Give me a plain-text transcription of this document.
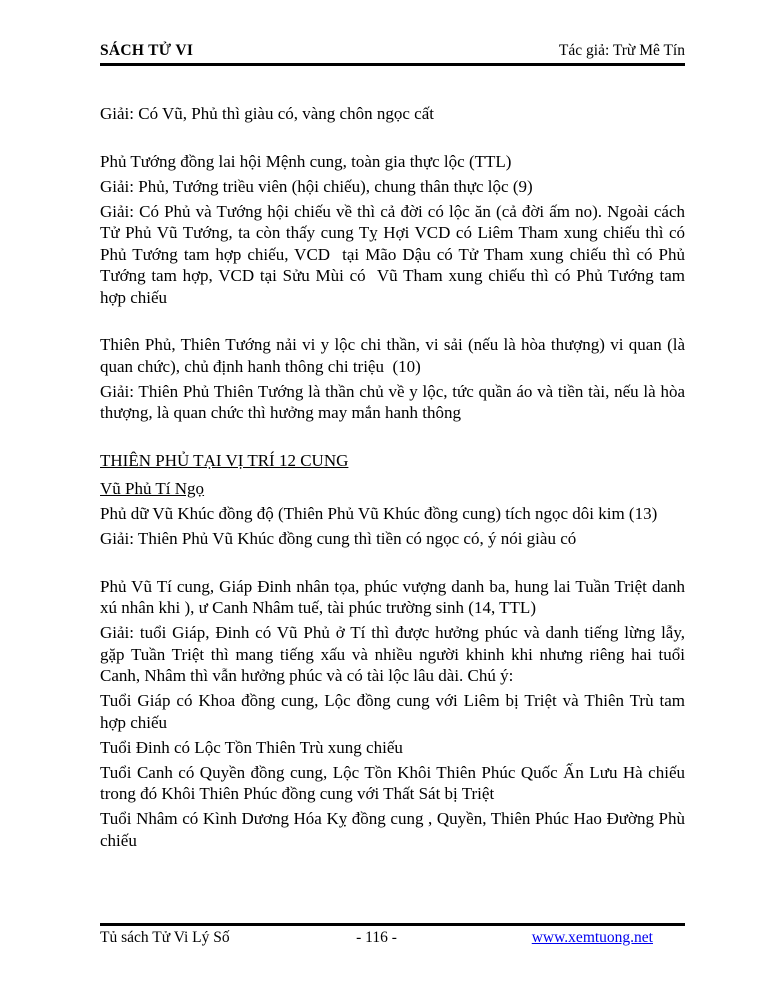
SÁCH TỬ VI	Tác giả: Trừ Mê Tín

Giải: Có Vũ, Phủ thì giàu có, vàng chôn ngọc cất

Phủ Tướng đồng lai hội Mệnh cung, toàn gia thực lộc (TTL)

Giải: Phủ, Tướng triều viên (hội chiếu), chung thân thực lộc (9)

Giải: Có Phủ và Tướng hội chiếu về thì cả đời có lộc ăn (cả đời ấm no). Ngoài cách Tử Phủ Vũ Tướng, ta còn thấy cung Tỵ Hợi VCD có Liêm Tham xung chiếu thì có  Phủ Tướng tam hợp chiếu, VCD  tại Mão Dậu có Tử Tham xung chiếu thì có Phủ Tướng tam hợp, VCD tại Sửu Mùi có  Vũ Tham xung chiếu thì có Phủ Tướng tam hợp chiếu

Thiên Phủ, Thiên Tướng nải vi y lộc chi thần, vi sải (nếu là hòa thượng) vi quan (là quan chức), chủ định hanh thông chi triệu  (10)

Giải: Thiên Phủ Thiên Tướng là thần chủ về y lộc, tức quần áo và tiền tài, nếu là hòa thượng, là quan chức thì hưởng may mắn hanh thông

THIÊN PHỦ TẠI VỊ TRÍ 12 CUNG

Vũ Phủ Tí Ngọ

Phủ dữ Vũ Khúc đồng độ (Thiên Phủ Vũ Khúc đồng cung) tích ngọc dôi kim (13)

Giải: Thiên Phủ Vũ Khúc đồng cung thì tiền có ngọc có, ý nói giàu có

Phủ Vũ Tí cung, Giáp Đinh nhân tọa, phúc vượng danh ba, hung lai Tuần Triệt danh xú nhân khi ), ư Canh Nhâm tuế, tài phúc trường sinh (14, TTL)

Giải: tuổi Giáp, Đinh có Vũ Phủ ở Tí thì được hưởng phúc và danh tiếng lừng lẫy, gặp Tuần Triệt thì mang tiếng xấu và nhiều người khinh khi nhưng riêng hai tuổi Canh, Nhâm thì vẫn hưởng phúc và có tài lộc lâu dài. Chú ý:

Tuổi Giáp có Khoa đồng cung, Lộc đồng cung với Liêm bị Triệt và Thiên Trù tam hợp chiếu

Tuổi Đinh có Lộc Tồn Thiên Trù xung chiếu

Tuổi Canh có Quyền đồng cung, Lộc Tồn Khôi Thiên Phúc Quốc Ấn Lưu Hà chiếu trong đó Khôi Thiên Phúc đồng cung với Thất Sát bị Triệt

Tuổi Nhâm có Kình Dương Hóa Kỵ đồng cung , Quyền, Thiên Phúc Hao Đường Phù chiếu

Tủ sách Tử Vi Lý Số	- 116 -	www.xemtuong.net
